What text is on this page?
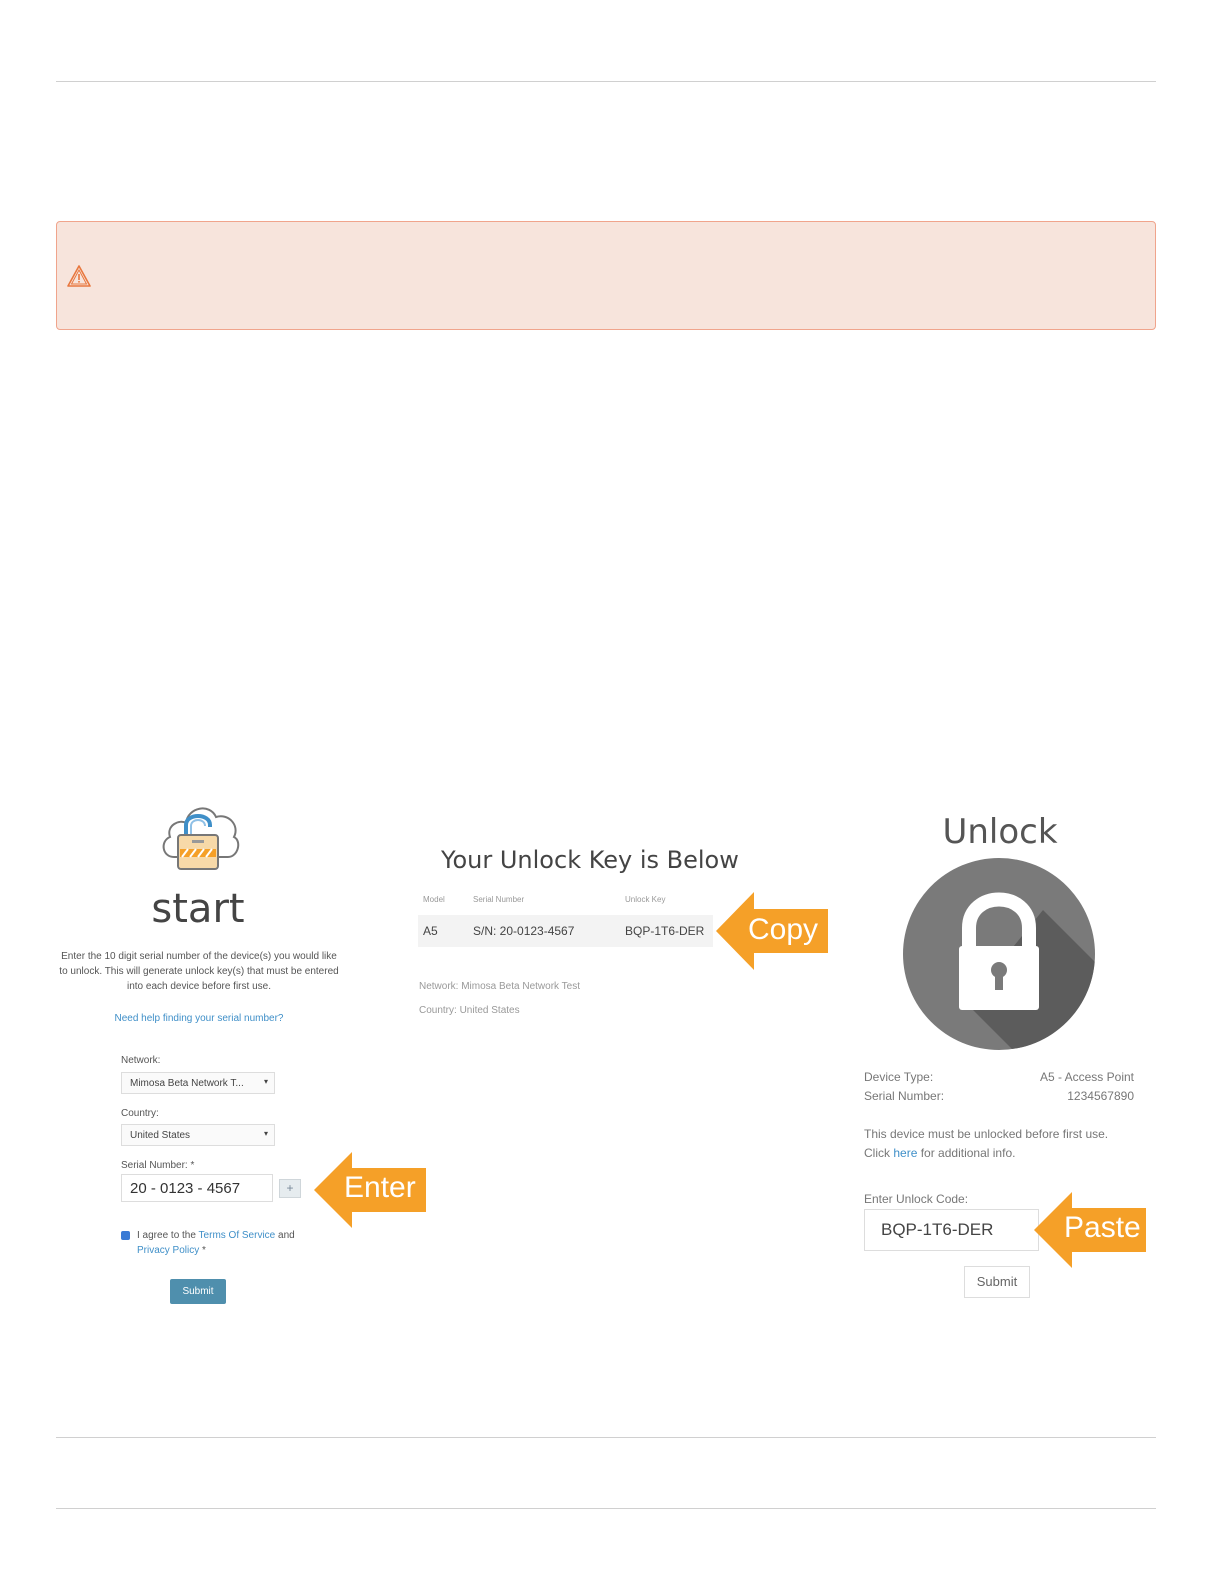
start
Enter the 10 digit serial number of the device(s) you would like to unlock. This will generate unlock key(s) that must be entered into each device before first use.
Need help finding your serial number?
Network:
Mimosa Beta Network T...	▾
Country:
United States	▾
Serial Number: *
20 - 0123 - 4567	+
I agree to the Terms Of Service and
Privacy Policy *
Submit
Enter
Your Unlock Key is Below
Model	Serial Number	Unlock Key
A5	S/N: 20-0123-4567	BQP-1T6-DER
Network: Mimosa Beta Network Test
Country: United States
Copy
Unlock
Device Type:	A5 - Access Point
Serial Number:	1234567890
This device must be unlocked before first use. Click here for additional info.
Enter Unlock Code:
BQP-1T6-DER
Submit
Paste
